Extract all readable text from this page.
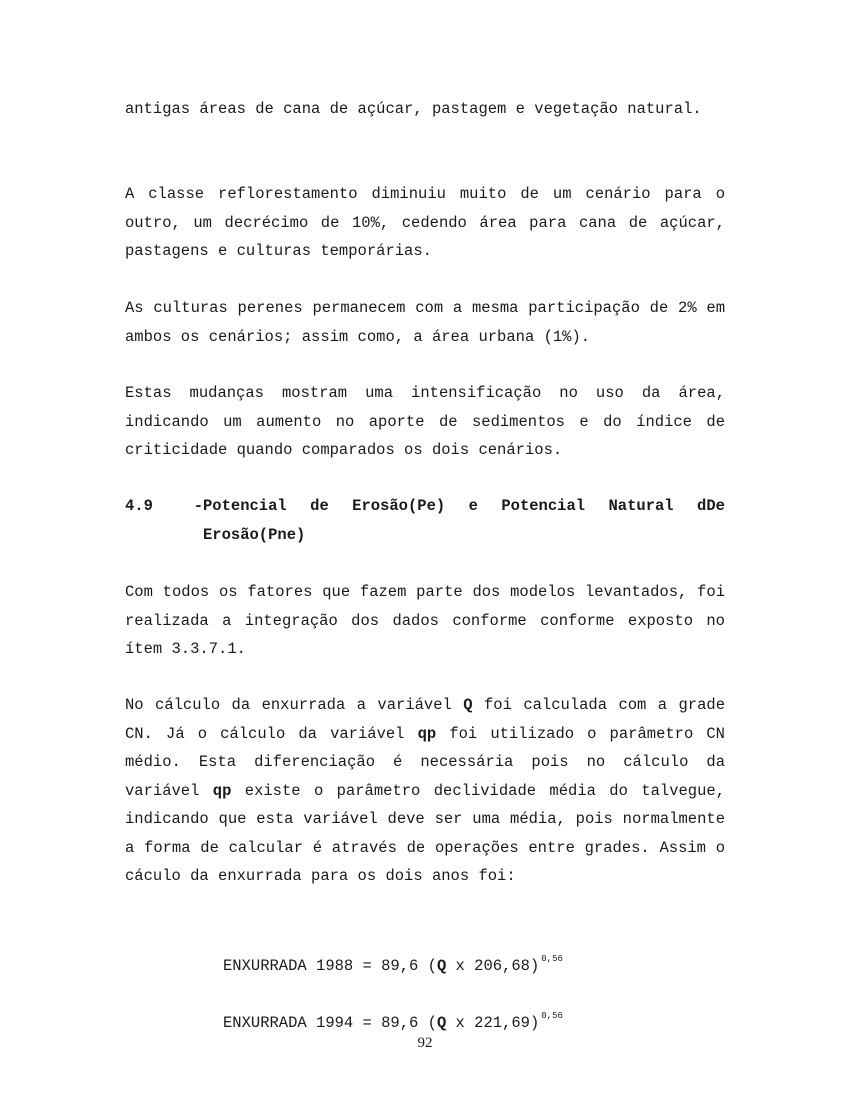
antigas áreas de cana de açúcar, pastagem e vegetação natural.

A classe reflorestamento diminuiu muito de um cenário para o outro, um decrécimo de 10%, cedendo área para cana de açúcar, pastagens e culturas temporárias.

As culturas perenes permanecem com a mesma participação de 2% em ambos os cenários; assim como, a área urbana (1%).

Estas mudanças mostram uma intensificação no uso da área, indicando um aumento no aporte de sedimentos e do índice de criticidade quando comparados os dois cenários.

4.9	- Potencial de Erosão(Pe) e Potencial Natural dDe
Erosão(Pne)

Com todos os fatores que fazem parte dos modelos levantados, foi realizada a integração dos dados conforme conforme exposto no ítem 3.3.7.1.

No cálculo da enxurrada a variável Q foi calculada com a grade CN. Já o cálculo da variável qp foi utilizado o parâmetro CN médio. Esta diferenciação é necessária pois no cálculo da variável qp existe o parâmetro declividade média do talvegue, indicando que esta variável deve ser uma média, pois normalmente a forma de calcular é através de operações entre grades. Assim o cáculo da enxurrada para os dois anos foi:

ENXURRADA 1988 = 89,6 (Q x 206,68) $^{0,56}$
ENXURRADA 1994 = 89,6 (Q x 221,69) $^{0,56}$
92
